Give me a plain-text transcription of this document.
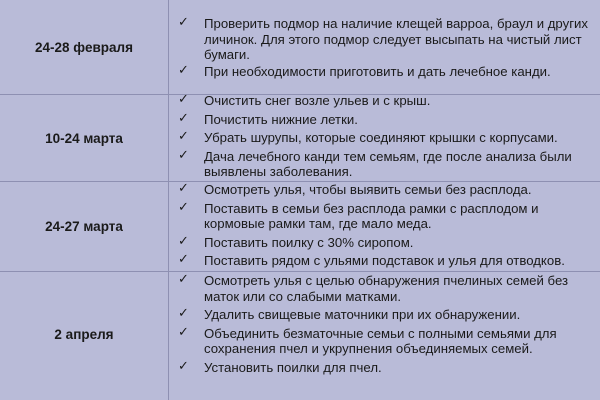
24-28 февраля
✓ Проверить подмор на наличие клещей варроа, браул и других личинок. Для этого подмор следует высыпать на чистый лист бумаги.
✓ При необходимости приготовить и дать лечебное канди.
10-24 марта
✓ Очистить снег возле ульев и с крыш.
✓ Почистить нижние летки.
✓ Убрать шурупы, которые соединяют крышки с корпусами.
✓ Дача лечебного канди тем семьям, где после анализа были выявлены заболевания.
24-27 марта
✓ Осмотреть улья, чтобы выявить семьи без расплода.
✓ Поставить в семьи без расплода рамки с расплодом и кормовые рамки там, где мало меда.
✓ Поставить поилку с 30% сиропом.
✓ Поставить рядом с ульями подставок и улья для отводков.
2 апреля
✓ Осмотреть улья с целью обнаружения пчелиных семей без маток или со слабыми матками.
✓ Удалить свищевые маточники при их обнаружении.
✓ Объединить безматочные семьи с полными семьями для сохранения пчел и укрупнения объединяемых семей.
✓ Установить поилки для пчел.
